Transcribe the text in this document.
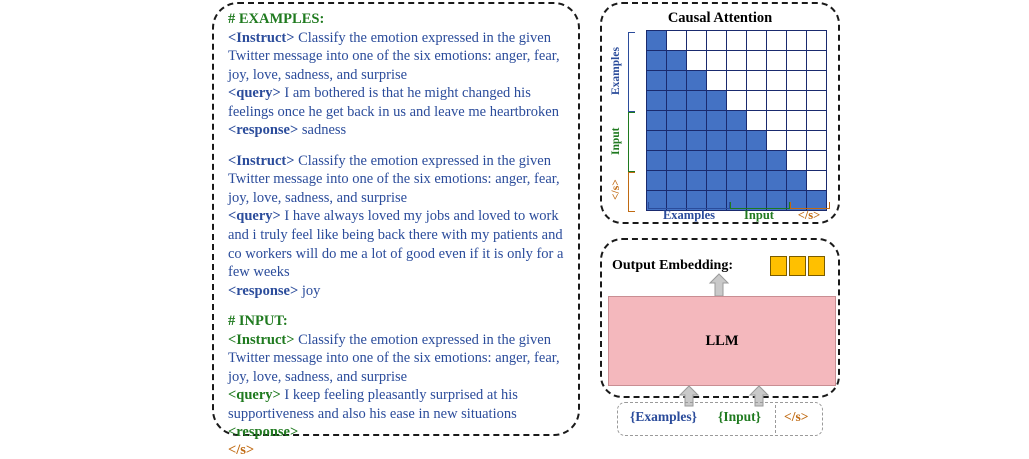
# EXAMPLES:
<Instruct> Classify the emotion expressed in the given Twitter message into one of the six emotions: anger, fear, joy, love, sadness, and surprise
<query> I am bothered is that he might changed his feelings once he get back in us and leave me heartbroken
<response> sadness
<Instruct> Classify the emotion expressed in the given Twitter message into one of the six emotions: anger, fear, joy, love, sadness, and surprise
<query> I have always loved my jobs and loved to work and i truly feel like being back there with my patients and co workers will do me a lot of good even if it is only for a few weeks
<response> joy
# INPUT:
<Instruct> Classify the emotion expressed in the given Twitter message into one of the six emotions: anger, fear, joy, love, sadness, and surprise
<query> I keep feeling pleasantly surprised at his supportiveness and also his ease in new situations
<response>
</s>
Causal Attention
Examples
Input
</s>

Examples	Input	</s>
Output Embedding:
LLM
{Examples} {Input} </s>
